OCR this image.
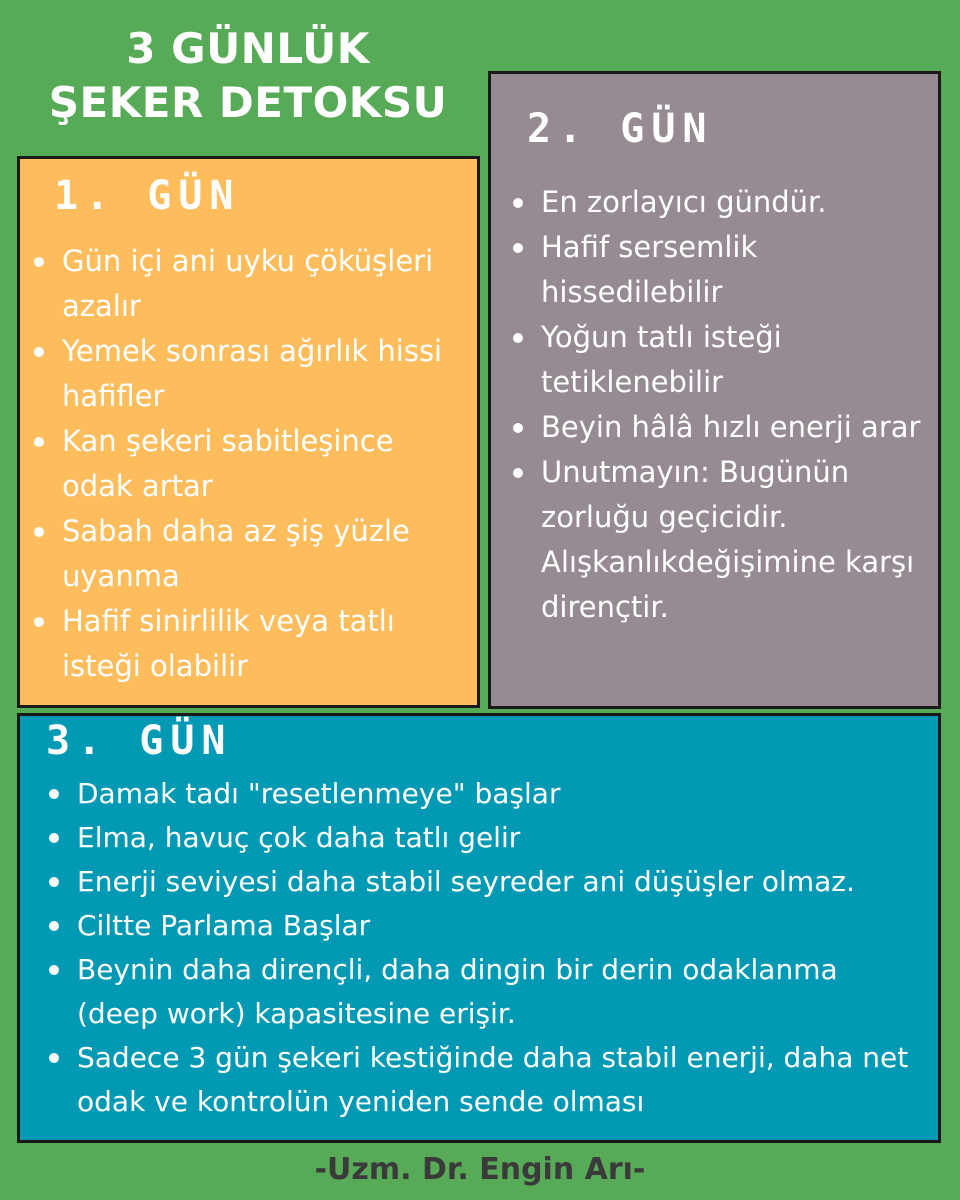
3 GÜNLÜK
ŞEKER DETOKSU
1. GÜN
Gün içi ani uyku çöküşleri azalır
Yemek sonrası ağırlık hissi hafifler
Kan şekeri sabitleşince odak artar
Sabah daha az şiş yüzle uyanma
Hafif sinirlilik veya tatlı isteği olabilir
2. GÜN
En zorlayıcı gündür.
Hafif sersemlik hissedilebilir
Yoğun tatlı isteği tetiklenebilir
Beyin hâlâ hızlı enerji arar
Unutmayın: Bugünün zorluğu geçicidir. Alışkanlıkdeğişimine karşı dirençtir.
3. GÜN
Damak tadı "resetlenmeye" başlar
Elma, havuç çok daha tatlı gelir
Enerji seviyesi daha stabil seyreder ani düşüşler olmaz.
Ciltte Parlama Başlar
Beynin daha dirençli, daha dingin bir derin odaklanma (deep work) kapasitesine erişir.
Sadece 3 gün şekeri kestiğinde daha stabil enerji, daha net odak ve kontrolün yeniden sende olması
-Uzm. Dr. Engin Arı-
